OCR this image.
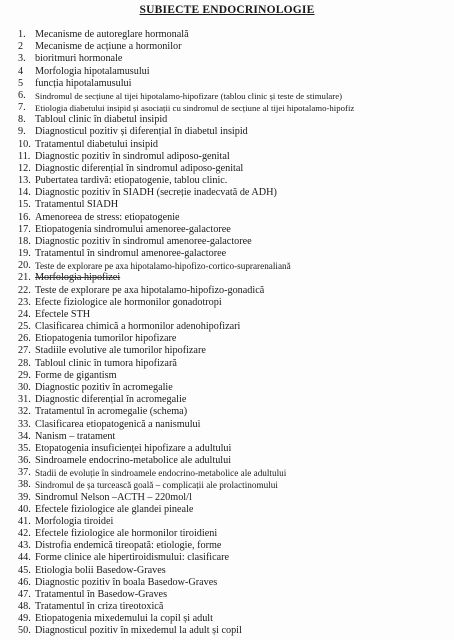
SUBIECTE ENDOCRINOLOGIE
1. Mecanisme de autoreglare hormonală
2	Mecanisme de acțiune a hormonilor
3. bioritmuri hormonale
4	Morfologia hipotalamusului
5	funcția hipotalamusului
6.	Sindromul de secțiune al tijei hipotalamo-hipofizare (tablou clinic și teste de stimulare)
7.	Etiologia diabetului insipid și asociații cu sindromul de secțiune al tijei hipotalamo-hipofiz
8. Tabloul clinic în diabetul insipid
9. Diagnosticul pozitiv și diferențial în diabetul insipid
10. Tratamentul diabetului insipid
11. Diagnostic pozitiv în sindromul adiposo-genital
12. Diagnostic diferențial în sindromul adiposo-genital
13. Pubertatea tardivă: etiopatogenie, tablou clinic.
14. Diagnostic pozitiv în SIADH (secreție inadecvată de ADH)
15. Tratamentul SIADH
16. Amenoreea de stress: etiopatogenie
17. Etiopatogenia sindromului amenoree-galactoree
18. Diagnostic pozitiv în sindromul amenoree-galactoree
19. Tratamentul în sindromul amenoree-galactoree
20. Teste de explorare pe axa hipotalamo-hipofizo-cortico-suprarenaliană
21. Morfologia hipofizei
22. Teste de explorare pe axa hipotalamo-hipofizo-gonadică
23. Efecte fiziologice ale hormonilor gonadotropi
24. Efectele STH
25. Clasificarea chimică a hormonilor adenohipofizari
26. Etiopatogenia tumorilor hipofizare
27. Stadiile evolutive ale tumorilor hipofizare
28. Tabloul clinic în tumora hipofizară
29. Forme de gigantism
30. Diagnostic pozitiv în acromegalie
31. Diagnostic diferențial în acromegalie
32. Tratamentul în acromegalie (schema)
33. Clasificarea etiopatogenică a nanismului
34. Nanism – tratament
35. Etopatogenia insuficienței hipofizare a adultului
36. Sindroamele endocrino-metabolice ale adultului
37. Stadii de evoluție în sindroamele endocrino-metabolice ale adultului
38. Sindromul de șa turcească goală – complicații ale prolactinomului
39. Sindromul Nelson –ACTH – 220mol/l
40. Efectele fiziologice ale glandei pineale
41. Morfologia tiroidei
42. Efectele fiziologice ale hormonilor tiroidieni
43. Distrofia endemică tireopată: etiologie, forme
44. Forme clinice ale hipertiroidismului: clasificare
45. Etiologia bolii Basedow-Graves
46. Diagnostic pozitiv în boala Basedow-Graves
47. Tratamentul în Basedow-Graves
48. Tratamentul în criza tireotoxică
49. Etiopatogenia mixedemului la copil și adult
50. Diagnosticul pozitiv în mixedemul la adult și copil
